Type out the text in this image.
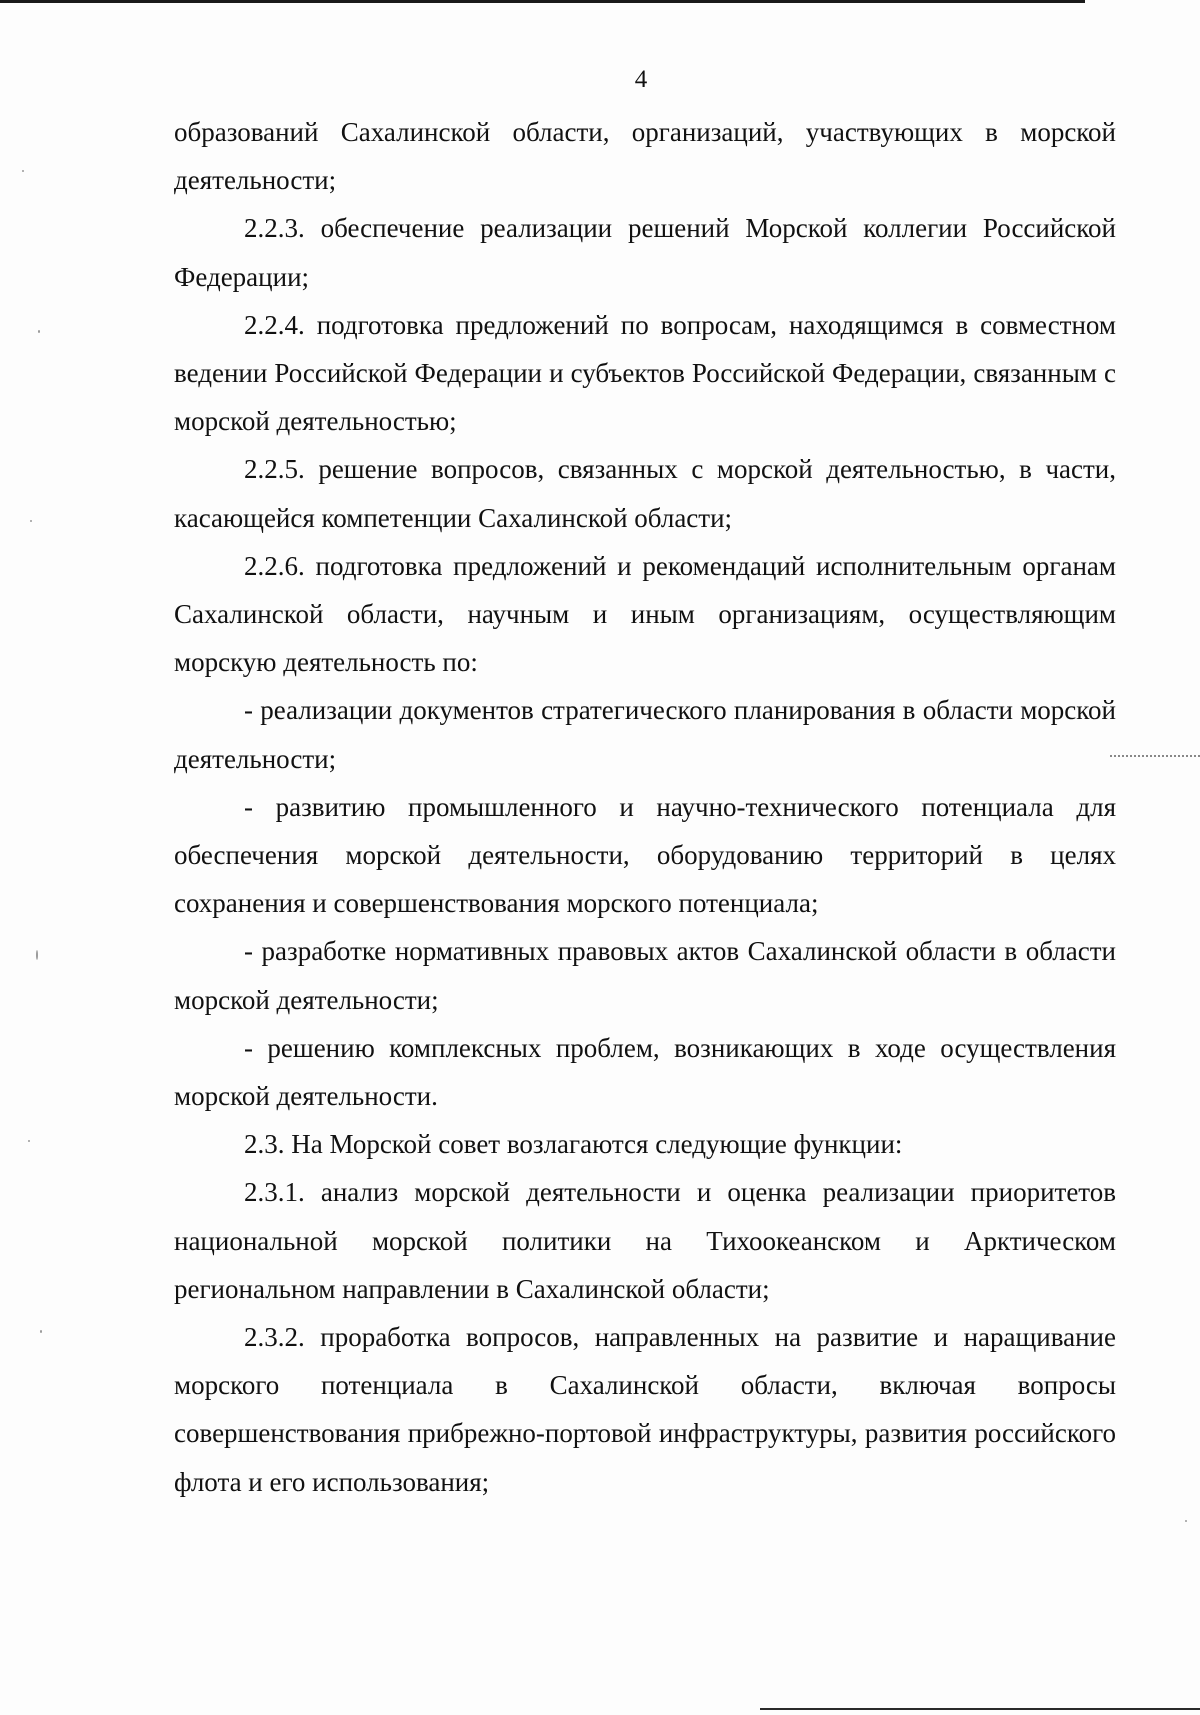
4

образований Сахалинской области, организаций, участвующих в морской деятельности;

2.2.3. обеспечение реализации решений Морской коллегии Российской Федерации;

2.2.4. подготовка предложений по вопросам, находящимся в совместном ведении Российской Федерации и субъектов Российской Федерации, связанным с морской деятельностью;

2.2.5. решение вопросов, связанных с морской деятельностью, в части, касающейся компетенции Сахалинской области;

2.2.6. подготовка предложений и рекомендаций исполнительным органам Сахалинской области, научным и иным организациям, осуществляющим морскую деятельность по:

- реализации документов стратегического планирования в области морской деятельности;

- развитию промышленного и научно-технического потенциала для обеспечения морской деятельности, оборудованию территорий в целях сохранения и совершенствования морского потенциала;

- разработке нормативных правовых актов Сахалинской области в области морской деятельности;

- решению комплексных проблем, возникающих в ходе осуществления морской деятельности.

2.3. На Морской совет возлагаются следующие функции:

2.3.1. анализ морской деятельности и оценка реализации приоритетов национальной морской политики на Тихоокеанском и Арктическом региональном направлении в Сахалинской области;

2.3.2. проработка вопросов, направленных на развитие и наращивание морского потенциала в Сахалинской области, включая вопросы совершенствования прибрежно-портовой инфраструктуры, развития российского флота и его использования;
